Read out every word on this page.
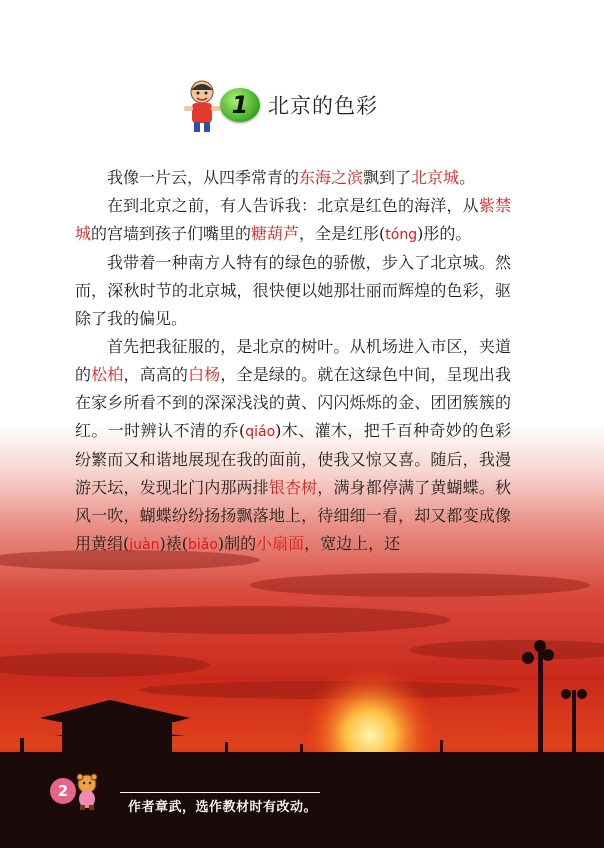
1 北京的色彩

我像一片云，从四季常青的东海之滨飘到了北京城。

在到北京之前，有人告诉我：北京是红色的海洋，从紫禁城的宫墙到孩子们嘴里的糖葫芦，全是红彤(tóng)彤的。

我带着一种南方人特有的绿色的骄傲，步入了北京城。然而，深秋时节的北京城，很快便以她那壮丽而辉煌的色彩，驱除了我的偏见。

首先把我征服的，是北京的树叶。从机场进入市区，夹道的松柏，高高的白杨，全是绿的。就在这绿色中间，呈现出我在家乡所看不到的深深浅浅的黄、闪闪烁烁的金、团团簇簇的红。一时辨认不清的乔(qiáo)木、灌木，把千百种奇妙的色彩纷繁而又和谐地展现在我的面前，使我又惊又喜。随后，我漫游天坛，发现北门内那两排银杏树，满身都停满了黄蝴蝶。秋风一吹，蝴蝶纷纷扬扬飘落地上，待细细一看，却又都变成像用黄绢(juàn)裱(biǎo)制的小扇面，宽边上，还

2
作者章武，选作教材时有改动。
